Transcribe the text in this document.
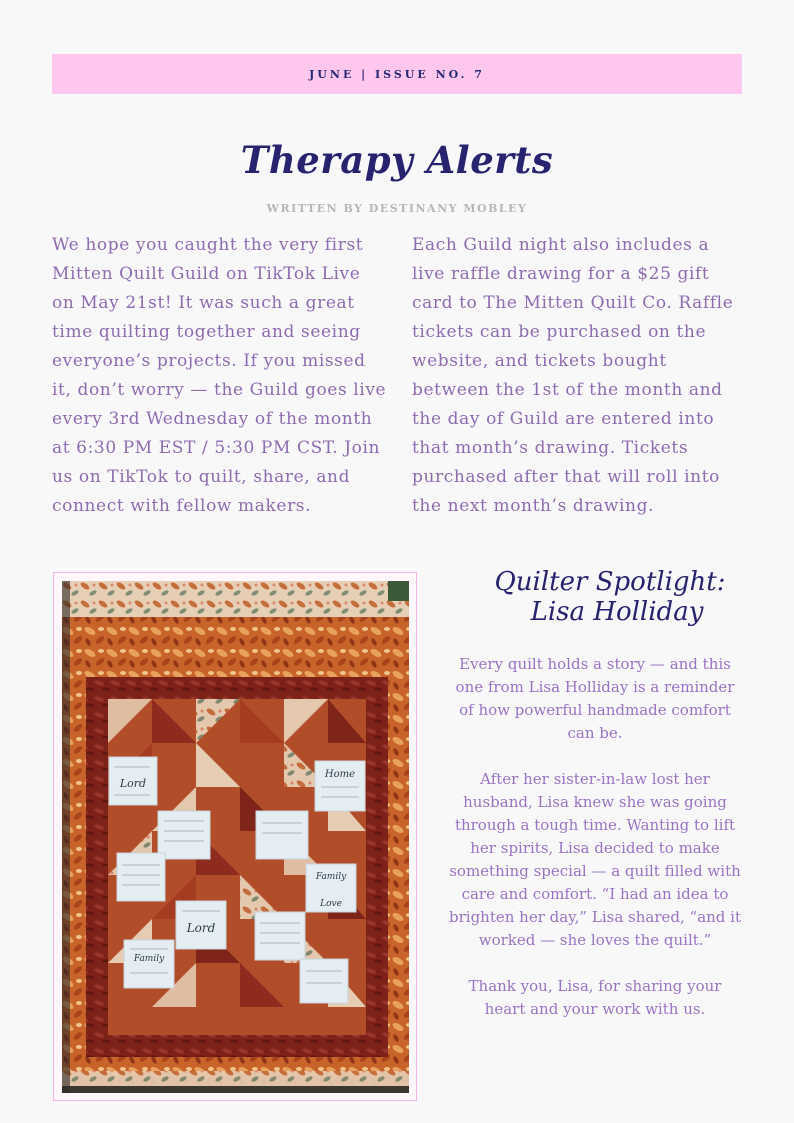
JUNE | ISSUE NO. 7
Therapy Alerts
WRITTEN BY DESTINANY MOBLEY
We hope you caught the very first Mitten Quilt Guild on TikTok Live on May 21st! It was such a great time quilting together and seeing everyone’s projects. If you missed it, don’t worry — the Guild goes live every 3rd Wednesday of the month at 6:30 PM EST / 5:30 PM CST. Join us on TikTok to quilt, share, and connect with fellow makers.
Each Guild night also includes a live raffle drawing for a $25 gift card to The Mitten Quilt Co. Raffle tickets can be purchased on the website, and tickets bought between the 1st of the month and the day of Guild are entered into that month’s drawing. Tickets purchased after that will roll into the next month’s drawing.
Lord
Home
Family
Love
Lord
Family
Quilter Spotlight:
Lisa Holliday

Every quilt holds a story — and this one from Lisa Holliday is a reminder of how powerful handmade comfort can be.

After her sister-in-law lost her husband, Lisa knew she was going through a tough time. Wanting to lift her spirits, Lisa decided to make something special — a quilt filled with care and comfort. “I had an idea to brighten her day,” Lisa shared, “and it worked — she loves the quilt.”

Thank you, Lisa, for sharing your heart and your work with us.
